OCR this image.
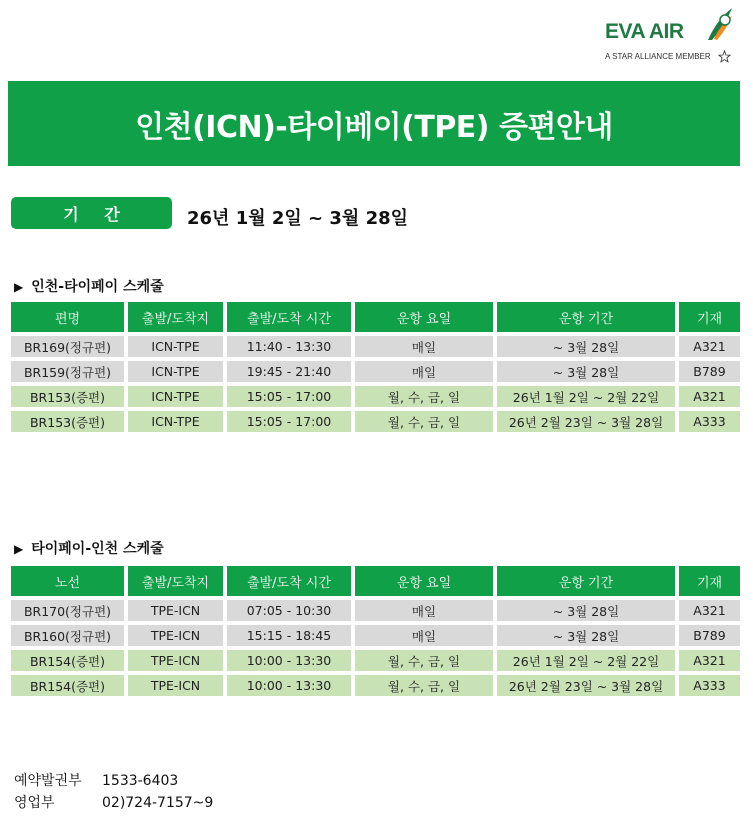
EVA AIR
A STAR ALLIANCE MEMBER
인천(ICN)-타이베이(TPE) 증편안내
기 간	26년 1월 2일 ~ 3월 28일
▶ 인천-타이페이 스케줄
편명	출발/도착지	출발/도착 시간	운항 요일	운항 기간	기재
BR169(정규편)	ICN-TPE	11:40 - 13:30	매일	~ 3월 28일	A321
BR159(정규편)	ICN-TPE	19:45 - 21:40	매일	~ 3월 28일	B789
BR153(증편)	ICN-TPE	15:05 - 17:00	월, 수, 금, 일	26년 1월 2일 ~ 2월 22일	A321
BR153(증편)	ICN-TPE	15:05 - 17:00	월, 수, 금, 일	26년 2월 23일 ~ 3월 28일	A333
▶ 타이페이-인천 스케줄
노선	출발/도착지	출발/도착 시간	운항 요일	운항 기간	기재
BR170(정규편)	TPE-ICN	07:05 - 10:30	매일	~ 3월 28일	A321
BR160(정규편)	TPE-ICN	15:15 - 18:45	매일	~ 3월 28일	B789
BR154(증편)	TPE-ICN	10:00 - 13:30	월, 수, 금, 일	26년 1월 2일 ~ 2월 22일	A321
BR154(증편)	TPE-ICN	10:00 - 13:30	월, 수, 금, 일	26년 2월 23일 ~ 3월 28일	A333
예약발권부 1533-6403
영업부	02)724-7157~9
